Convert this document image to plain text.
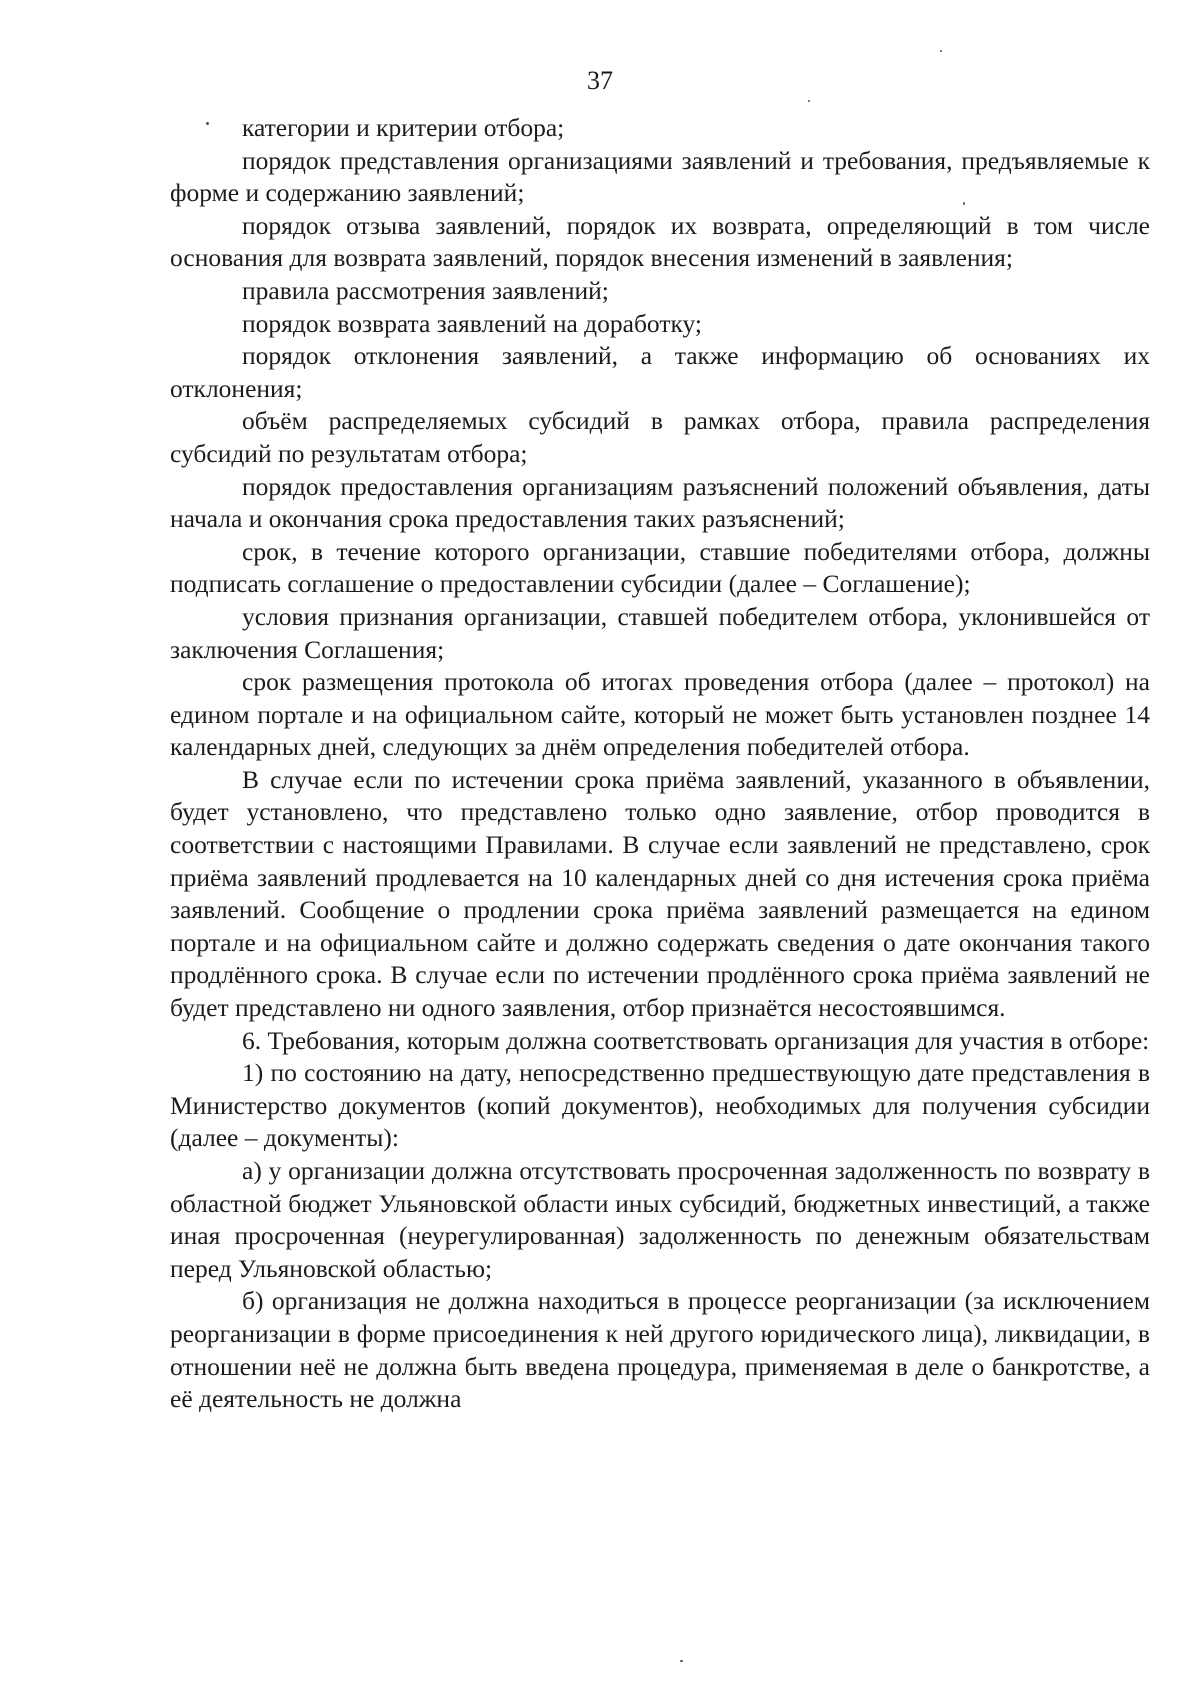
37

категории и критерии отбора;

порядок представления организациями заявлений и требования, предъявляемые к форме и содержанию заявлений;

порядок отзыва заявлений, порядок их возврата, определяющий в том числе основания для возврата заявлений, порядок внесения изменений в заявления;

правила рассмотрения заявлений;

порядок возврата заявлений на доработку;

порядок отклонения заявлений, а также информацию об основаниях их отклонения;

объём распределяемых субсидий в рамках отбора, правила распределения субсидий по результатам отбора;

порядок предоставления организациям разъяснений положений объявления, даты начала и окончания срока предоставления таких разъяснений;

срок, в течение которого организации, ставшие победителями отбора, должны подписать соглашение о предоставлении субсидии (далее – Соглашение);

условия признания организации, ставшей победителем отбора, уклонившейся от заключения Соглашения;

срок размещения протокола об итогах проведения отбора (далее – протокол) на едином портале и на официальном сайте, который не может быть установлен позднее 14 календарных дней, следующих за днём определения победителей отбора.

В случае если по истечении срока приёма заявлений, указанного в объявлении, будет установлено, что представлено только одно заявление, отбор проводится в соответствии с настоящими Правилами. В случае если заявлений не представлено, срок приёма заявлений продлевается на 10 календарных дней со дня истечения срока приёма заявлений. Сообщение о продлении срока приёма заявлений размещается на едином портале и на официальном сайте и должно содержать сведения о дате окончания такого продлённого срока. В случае если по истечении продлённого срока приёма заявлений не будет представлено ни одного заявления, отбор признаётся несостоявшимся.

6. Требования, которым должна соответствовать организация для участия в отборе:

1) по состоянию на дату, непосредственно предшествующую дате представления в Министерство документов (копий документов), необходимых для получения субсидии (далее – документы):

а) у организации должна отсутствовать просроченная задолженность по возврату в областной бюджет Ульяновской области иных субсидий, бюджетных инвестиций, а также иная просроченная (неурегулированная) задолженность по денежным обязательствам перед Ульяновской областью;

б) организация не должна находиться в процессе реорганизации (за исключением реорганизации в форме присоединения к ней другого юридического лица), ликвидации, в отношении неё не должна быть введена процедура, применяемая в деле о банкротстве, а её деятельность не должна
